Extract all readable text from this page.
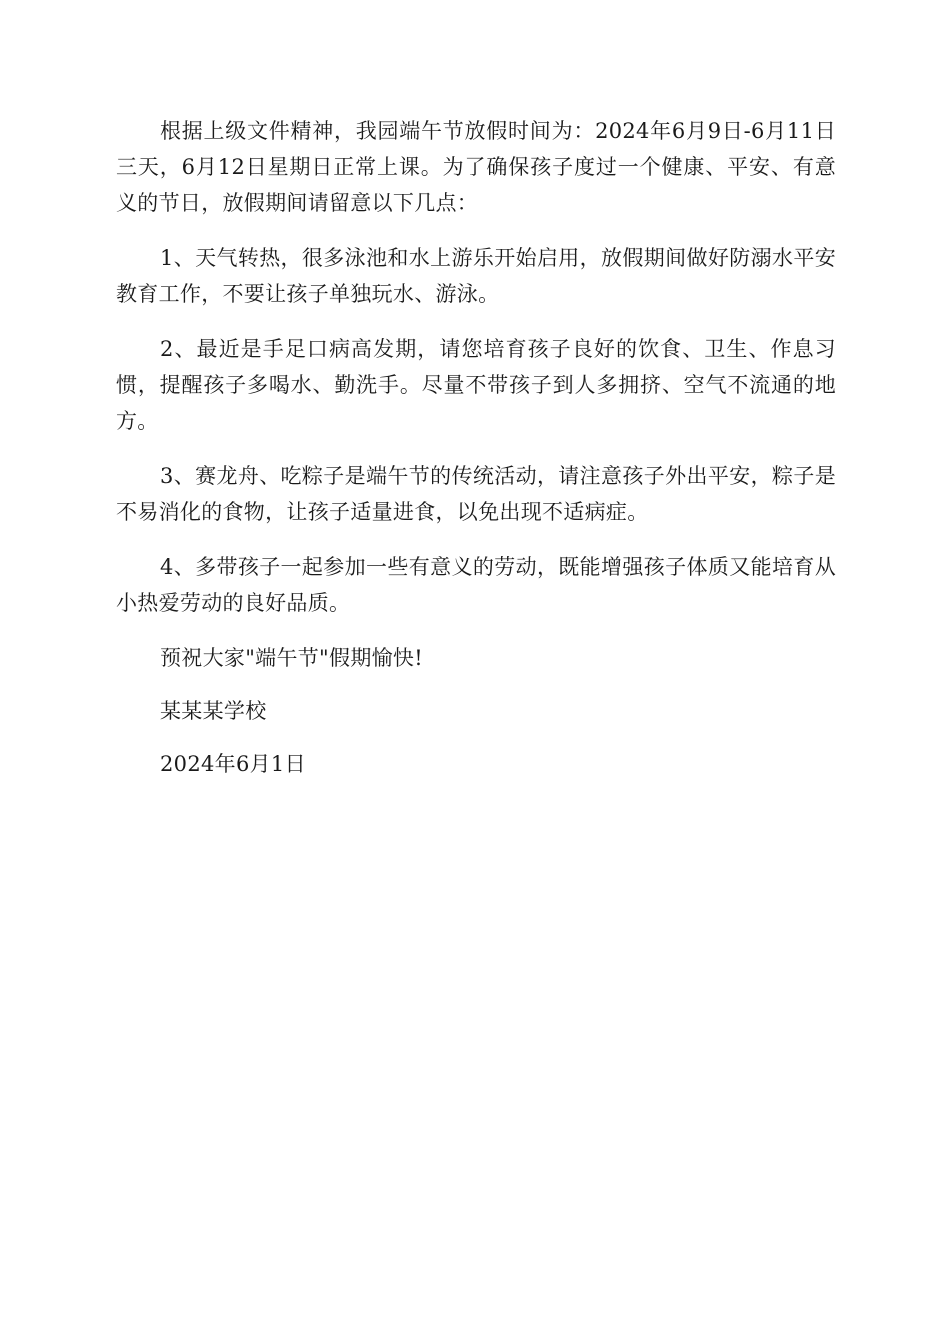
根据上级文件精神，我园端午节放假时间为：2024年6月9日-6月11日三天，6月12日星期日正常上课。为了确保孩子度过一个健康、平安、有意义的节日，放假期间请留意以下几点：

1、天气转热，很多泳池和水上游乐开始启用，放假期间做好防溺水平安教育工作，不要让孩子单独玩水、游泳。

2、最近是手足口病高发期，请您培育孩子良好的饮食、卫生、作息习惯，提醒孩子多喝水、勤洗手。尽量不带孩子到人多拥挤、空气不流通的地方。

3、赛龙舟、吃粽子是端午节的传统活动，请注意孩子外出平安，粽子是不易消化的食物，让孩子适量进食，以免出现不适病症。

4、多带孩子一起参加一些有意义的劳动，既能增强孩子体质又能培育从小热爱劳动的良好品质。

预祝大家"端午节"假期愉快!

某某某学校

2024年6月1日
